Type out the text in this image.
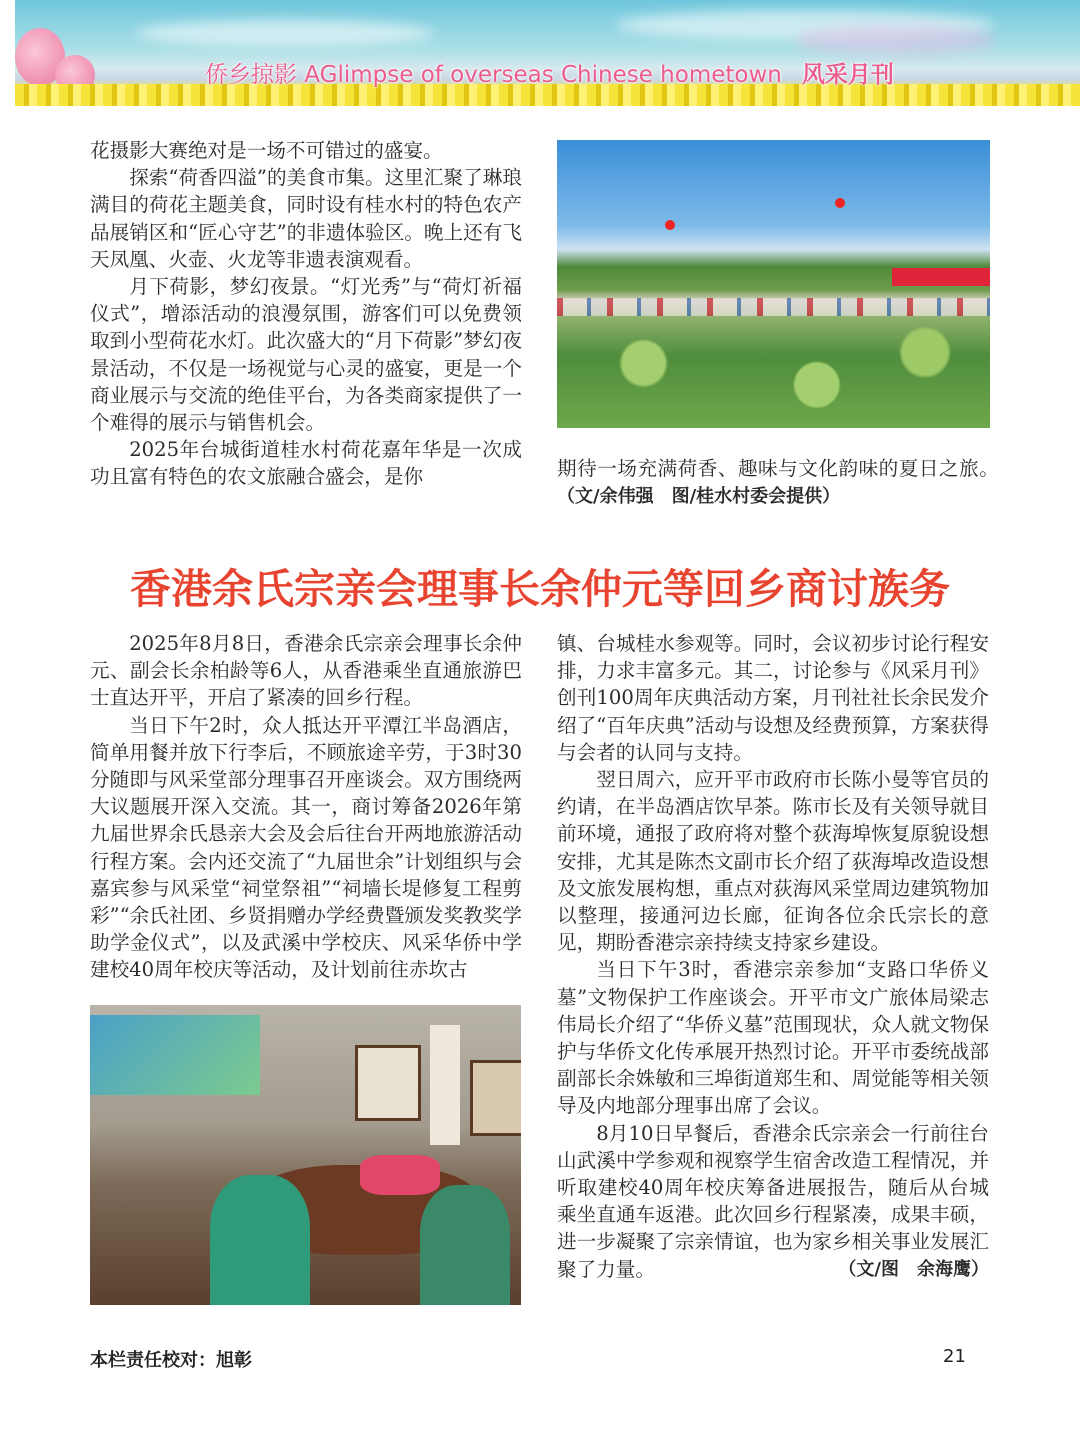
侨乡掠影 AGlimpse of overseas Chinese hometown 风采月刊

花摄影大赛绝对是一场不可错过的盛宴。

探索“荷香四溢”的美食市集。这里汇聚了琳琅满目的荷花主题美食，同时设有桂水村的特色农产品展销区和“匠心守艺”的非遗体验区。晚上还有飞天凤凰、火壶、火龙等非遗表演观看。

月下荷影，梦幻夜景。“灯光秀”与“荷灯祈福仪式”，增添活动的浪漫氛围，游客们可以免费领取到小型荷花水灯。此次盛大的“月下荷影”梦幻夜景活动，不仅是一场视觉与心灵的盛宴，更是一个商业展示与交流的绝佳平台，为各类商家提供了一个难得的展示与销售机会。

2025年台城街道桂水村荷花嘉年华是一次成功且富有特色的农文旅融合盛会，是你	期待一场充满荷香、趣味与文化韵味的夏日之旅。　　（文/余伟强　图/桂水村委会提供）

香港余氏宗亲会理事长余仲元等回乡商讨族务

2025年8月8日，香港余氏宗亲会理事长余仲元、副会长余柏龄等6人，从香港乘坐直通旅游巴士直达开平，开启了紧凑的回乡行程。

当日下午2时，众人抵达开平潭江半岛酒店，简单用餐并放下行李后，不顾旅途辛劳，于3时30分随即与风采堂部分理事召开座谈会。双方围绕两大议题展开深入交流。其一，商讨筹备2026年第九届世界余氏恳亲大会及会后往台开两地旅游活动行程方案。会内还交流了“九届世余”计划组织与会嘉宾参与风采堂“祠堂祭祖”“祠墙长堤修复工程剪彩”“余氏社团、乡贤捐赠办学经费暨颁发奖教奖学助学金仪式”，以及武溪中学校庆、风采华侨中学建校40周年校庆等活动，及计划前往赤坎古

镇、台城桂水参观等。同时，会议初步讨论行程安排，力求丰富多元。其二，讨论参与《风采月刊》创刊100周年庆典活动方案，月刊社社长余民发介绍了“百年庆典”活动与设想及经费预算，方案获得与会者的认同与支持。

翌日周六，应开平市政府市长陈小曼等官员的约请，在半岛酒店饮早茶。陈市长及有关领导就目前环境，通报了政府将对整个荻海埠恢复原貌设想安排，尤其是陈杰文副市长介绍了荻海埠改造设想及文旅发展构想，重点对荻海风采堂周边建筑物加以整理，接通河边长廊，征询各位余氏宗长的意见，期盼香港宗亲持续支持家乡建设。

当日下午3时，香港宗亲参加“支路口华侨义墓”文物保护工作座谈会。开平市文广旅体局梁志伟局长介绍了“华侨义墓”范围现状，众人就文物保护与华侨文化传承展开热烈讨论。开平市委统战部副部长余姝敏和三埠街道郑生和、周觉能等相关领导及内地部分理事出席了会议。

8月10日早餐后，香港余氏宗亲会一行前往台山武溪中学参观和视察学生宿舍改造工程情况，并听取建校40周年校庆筹备进展报告，随后从台城乘坐直通车返港。此次回乡行程紧凑，成果丰硕，进一步凝聚了宗亲情谊，也为家乡相关事业发展汇聚了力量。	（文/图　余海鹰）

本栏责任校对：旭彰	21
